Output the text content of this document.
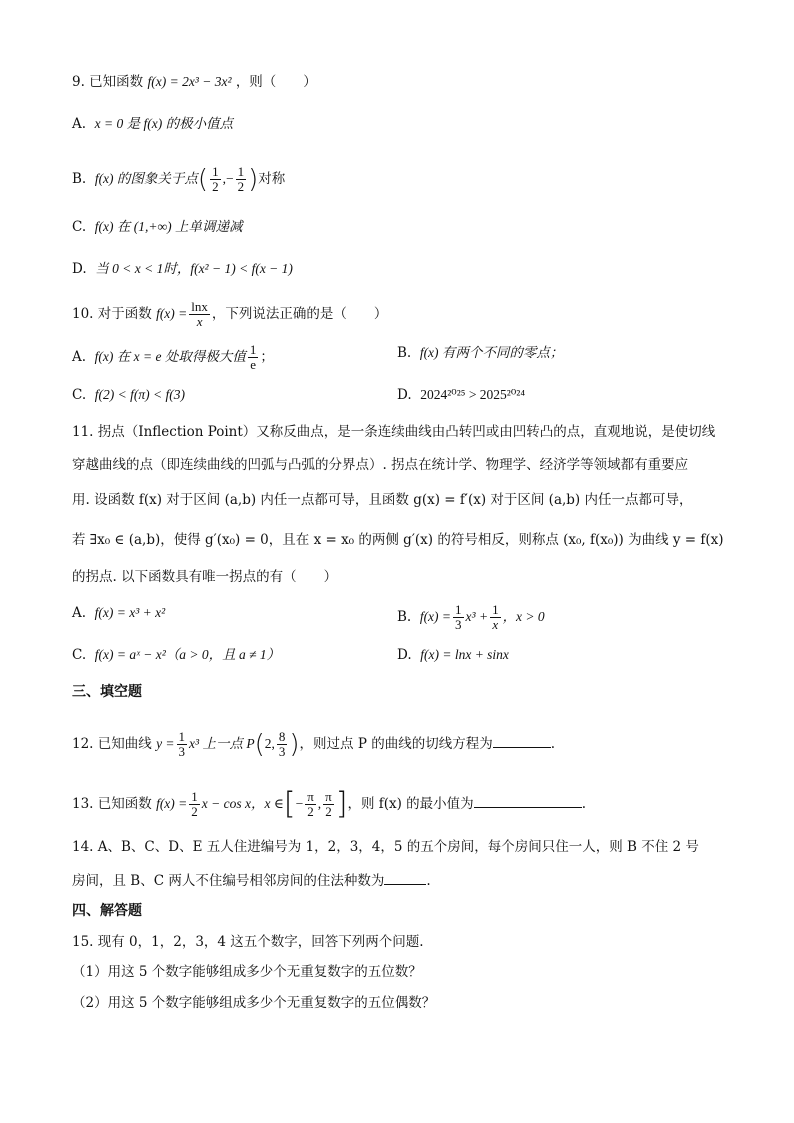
9. 已知函数 f(x) = 2x³ − 3x² ，则（　　）
A. x = 0 是 f(x) 的极小值点
B. f(x) 的图象关于点( $\frac{1}{2}$ ,− $\frac{1}{2}$ )对称
C. f(x) 在 (1,+∞) 上单调递减
D. 当 0 < x < 1时，f(x² − 1) < f(x − 1)
10. 对于函数 $f(x) = \frac{\ln x}{x}$ ，下列说法正确的是（　　）
A. f(x) 在 x = e 处取得极大值 $\frac{1}{e}$ ；	B. f(x) 有两个不同的零点；
C. f(2) < f(π) < f(3)	D. 2024²⁰²⁵ > 2025²⁰²⁴
11. 拐点（Inflection Point）又称反曲点，是一条连续曲线由凸转凹或由凹转凸的点，直观地说，是使切线
穿越曲线的点（即连续曲线的凹弧与凸弧的分界点）. 拐点在统计学、物理学、经济学等领域都有重要应
用. 设函数 f(x) 对于区间 (a,b) 内任一点都可导，且函数 g(x) = f′(x) 对于区间 (a,b) 内任一点都可导，
若 ∃x₀ ∈ (a,b)，使得 g′(x₀) = 0，且在 x = x₀ 的两侧 g′(x) 的符号相反，则称点 (x₀, f(x₀)) 为曲线 y = f(x)
的拐点. 以下函数具有唯一拐点的有（　　）
A. f(x) = x³ + x²	B. $f(x) = \frac{1}{3} x^3 + \frac{1}{x}$ ，x > 0
C. f(x) = aˣ − x²（a > 0，且 a ≠ 1）	D. f(x) = lnx + sinx
三、填空题
12. 已知曲线 $y = \frac{1}{3} x^3$ 上一点 P(2, $\frac{8}{3}$ )，则过点 P 的曲线的切线方程为	.
13. 已知函数 $f(x) = \frac{1}{2}$ x − cos x，x ∈[− $\frac{\pi}{2}$ , $\frac{\pi}{2}$ ]，则 f(x) 的最小值为	.
14. A、B、C、D、E 五人住进编号为 1，2，3，4，5 的五个房间，每个房间只住一人，则 B 不住 2 号
房间，且 B、C 两人不住编号相邻房间的住法种数为	.
四、解答题
15. 现有 0，1，2，3，4 这五个数字，回答下列两个问题.
（1）用这 5 个数字能够组成多少个无重复数字的五位数？
（2）用这 5 个数字能够组成多少个无重复数字的五位偶数？
